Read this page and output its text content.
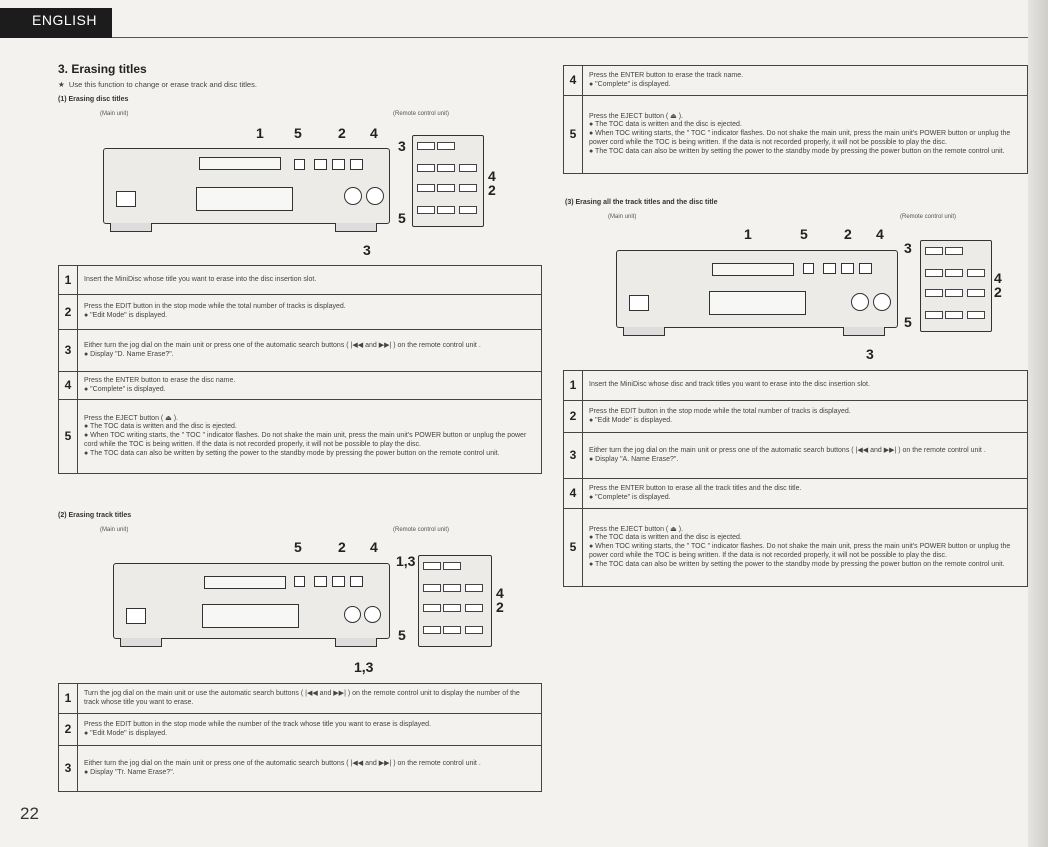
ENGLISH
3. Erasing titles
★ Use this function to change or erase track and disc titles.
(1) Erasing disc titles
(Main unit)	(Remote control unit)
1 5	2 4
3
4
2
5
3
1	Insert the MiniDisc whose title you want to erase into the disc insertion slot.

2	Press the EDIT button in the stop mode while the total number of tracks is displayed.

● "Edit Mode" is displayed.

3	Either turn the jog dial on the main unit or press one of the automatic search buttons ( |◀◀ and ▶▶| ) on the remote control unit .

● Display "D. Name Erase?".

4	Press the ENTER button to erase the disc name.

● "Complete" is displayed.

5	Press the EJECT button ( ⏏ ).

● The TOC data is written and the disc is ejected.

● When TOC writing starts, the " TOC " indicator flashes. Do not shake the main unit, press the main unit's POWER button or unplug the power cord while the TOC is being written. If the data is not recorded properly, it will not be possible to play the disc.

● The TOC data can also be written by setting the power to the standby mode by pressing the power button on the remote control unit.

(2) Erasing track titles
(Main unit)	(Remote control unit)
5	2 4
1,3
4
2
5
1,3
1	Turn the jog dial on the main unit or use the automatic search buttons ( |◀◀ and ▶▶| ) on the remote control unit to display the number of the track whose title you want to erase.

2	Press the EDIT button in the stop mode while the number of the track whose title you want to erase is displayed.

● "Edit Mode" is displayed.

3	Either turn the jog dial on the main unit or press one of the automatic search buttons ( |◀◀ and ▶▶| ) on the remote control unit .

● Display "Tr. Name Erase?".

22
4	Press the ENTER button to erase the track name.

● "Complete" is displayed.

5	Press the EJECT button ( ⏏ ).

● The TOC data is written and the disc is ejected.

● When TOC writing starts, the " TOC " indicator flashes. Do not shake the main unit, press the main unit's POWER button or unplug the power cord while the TOC is being written. If the data is not recorded properly, it will not be possible to play the disc.

● The TOC data can also be written by setting the power to the standby mode by pressing the power button on the remote control unit.

(3) Erasing all the track titles and the disc title
(Main unit)	(Remote control unit)
1	5	2 4
3
4
2
5
3
1	Insert the MiniDisc whose disc and track titles you want to erase into the disc insertion slot.

2	Press the EDIT button in the stop mode while the total number of tracks is displayed.

● "Edit Mode" is displayed.

3	Either turn the jog dial on the main unit or press one of the automatic search buttons ( |◀◀ and ▶▶| ) on the remote control unit .

● Display "A. Name Erase?".

4	Press the ENTER button to erase all the track titles and the disc title.

● "Complete" is displayed.

5	Press the EJECT button ( ⏏ ).

● The TOC data is written and the disc is ejected.

● When TOC writing starts, the " TOC " indicator flashes. Do not shake the main unit, press the main unit's POWER button or unplug the power cord while the TOC is being written. If the data is not recorded properly, it will not be possible to play the disc.

● The TOC data can also be written by setting the power to the standby mode by pressing the power button on the remote control unit.
